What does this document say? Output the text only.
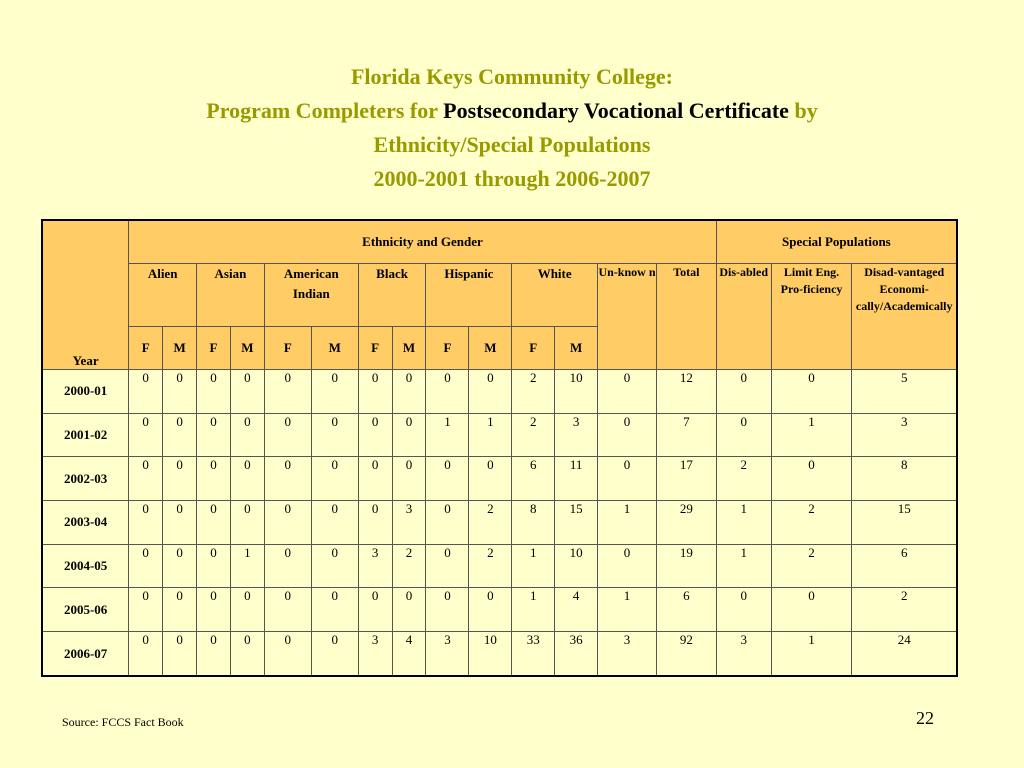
Florida Keys Community College:
Program Completers for Postsecondary Vocational Certificate by
Ethnicity/Special Populations
2000-2001 through 2006-2007
Year	Ethnicity and Gender														Special Populations		
	Alien		Asian		American Indian		Black		Hispanic		White		Un-know n	Total	Dis-abled	Limit Eng. Pro-ficiency	Disad-vantaged Economi-cally/Academically
	F	M	F	M	F	M	F	M	F	M	F	M					
2000-01	0	0	0	0	0	0	0	0	0	0	2	10	0	12	0	0	5
2001-02	0	0	0	0	0	0	0	0	1	1	2	3	0	7	0	1	3
2002-03	0	0	0	0	0	0	0	0	0	0	6	11	0	17	2	0	8
2003-04	0	0	0	0	0	0	0	3	0	2	8	15	1	29	1	2	15
2004-05	0	0	0	1	0	0	3	2	0	2	1	10	0	19	1	2	6
2005-06	0	0	0	0	0	0	0	0	0	0	1	4	1	6	0	0	2
2006-07	0	0	0	0	0	0	3	4	3	10	33	36	3	92	3	1	24
Source: FCCS Fact Book	22
